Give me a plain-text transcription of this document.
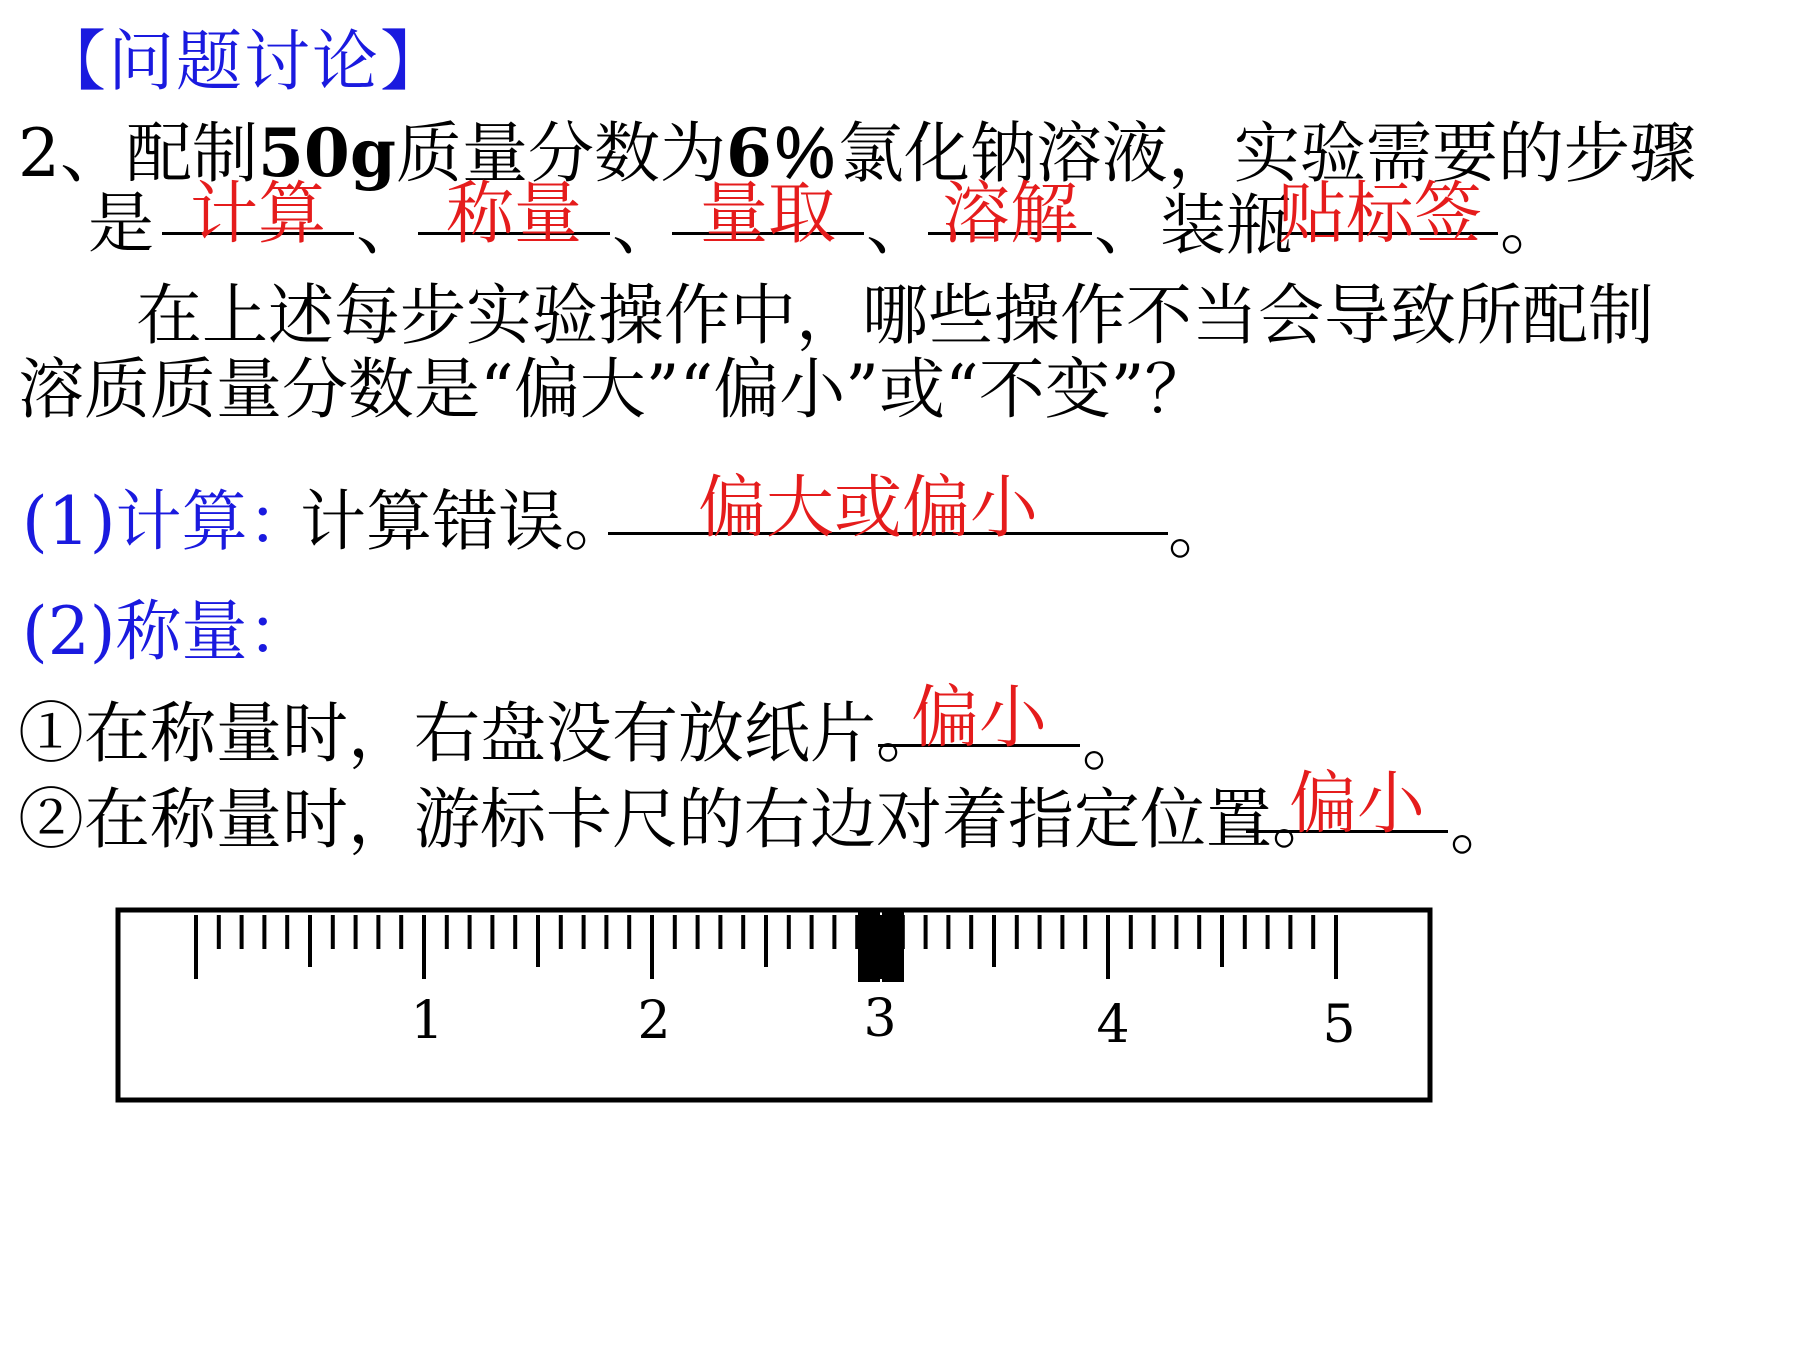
【问题讨论】
2、配制50g质量分数为6％氯化钠溶液，实验需要的步骤
是 计算 、 称量 、 量取 、 溶解 、装瓶
贴标签 。
在上述每步实验操作中，哪些操作不当会导致所配制
溶质质量分数是“偏大”“偏小”或“不变”？
(1)计算：
计算错误。 偏大或偏小	。
(2)称量：
①在称量时，右盘没有放纸片。
偏小 。
②在称量时，游标卡尺的右边对着指定位置。
偏小 。
1	2	3	4	5
